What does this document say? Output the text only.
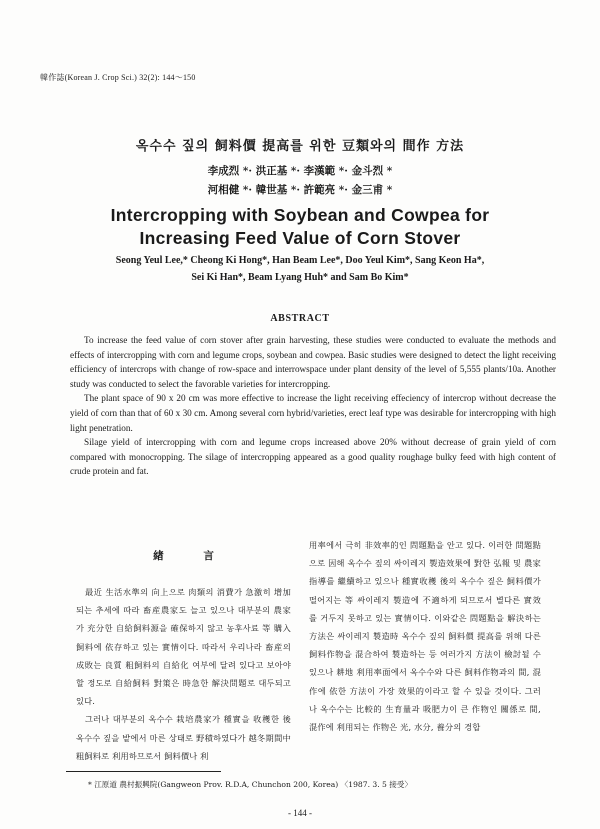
韓作誌(Korean J. Crop Sci.) 32(2): 144～150
옥수수 짚의 飼料價 提高를 위한 豆類와의 間作 方法
李成烈 *· 洪正基 *· 李漢範 *· 金斗烈 *
河相健 *· 韓世基 *· 許範亮 *· 金三甫 *
Intercropping with Soybean and Cowpea for
Increasing Feed Value of Corn Stover
Seong Yeul Lee,* Cheong Ki Hong*, Han Beam Lee*, Doo Yeul Kim*, Sang Keon Ha*,
Sei Ki Han*, Beam Lyang Huh* and Sam Bo Kim*
ABSTRACT

To increase the feed value of corn stover after grain harvesting, these studies were conducted to evaluate the methods and effects of intercropping with corn and legume crops, soybean and cowpea. Basic studies were designed to detect the light receiving efficiency of intercrops with change of row-space and interrowspace under plant density of the level of 5,555 plants/10a. Another study was conducted to select the favorable varieties for intercropping.

The plant space of 90 x 20 cm was more effective to increase the light receiving effeciency of intercrop without decrease the yield of corn than that of 60 x 30 cm. Among several corn hybrid/varieties, erect leaf type was desirable for intercropping with high light penetration.

Silage yield of intercropping with corn and legume crops increased above 20% without decrease of grain yield of corn compared with monocropping. The silage of intercropping appeared as a good quality roughage bulky feed with high content of crude protein and fat.

緖 言

最近 生活水準의 向上으로 肉類의 消費가 急激히 增加되는 추세에 따라 畜産農家도 늘고 있으나 대부분의 農家가 充分한 自給飼料源을 確保하지 않고 농후사료 等 購入飼料에 依存하고 있는 實情이다. 따라서 우리나라 畜産의 成敗는 良質 粗飼料의 自給化 여부에 달려 있다고 보아야 할 정도로 自給飼料 對策은 時急한 解決問題로 대두되고 있다.

그러나 대부분의 옥수수 栽培農家가 種實을 收穫한 後 옥수수 짚을 밭에서 마른 상태로 野積하였다가 越冬期間中 粗飼料로 利用하므로서 飼料價나 利

用率에서 극히 非效率的인 問題點을 안고 있다. 이러한 問題點으로 因해 옥수수 짚의 싸이레지 製造效果에 對한 弘報 및 農家指導를 繼續하고 있으나 種實收穫 後의 옥수수 짚은 飼料價가 떨어지는 等 싸이레지 製造에 不適하게 되므로서 별다른 實效를 거두지 못하고 있는 實情이다. 이와같은 問題點을 解決하는 方法은 싸이레지 製造時 옥수수 짚의 飼料價 提高를 위해 다른 飼料作物을 混合하여 製造하는 등 여러가지 方法이 檢討될 수 있으나 耕地 利用率面에서 옥수수와 다른 飼料作物과의 間, 混作에 依한 方法이 가장 效果的이라고 할 수 있을 것이다. 그러나 옥수수는 比較的 生育量과 吸肥力이 큰 作物인 關係로 間, 混作에 利用되는 作物은 光, 水分, 養分의 경합

* 江原道 農村振興院(Gangweon Prov. R.D.A, Chunchon 200, Korea) 〈1987. 3. 5 接受〉
- 144 -
